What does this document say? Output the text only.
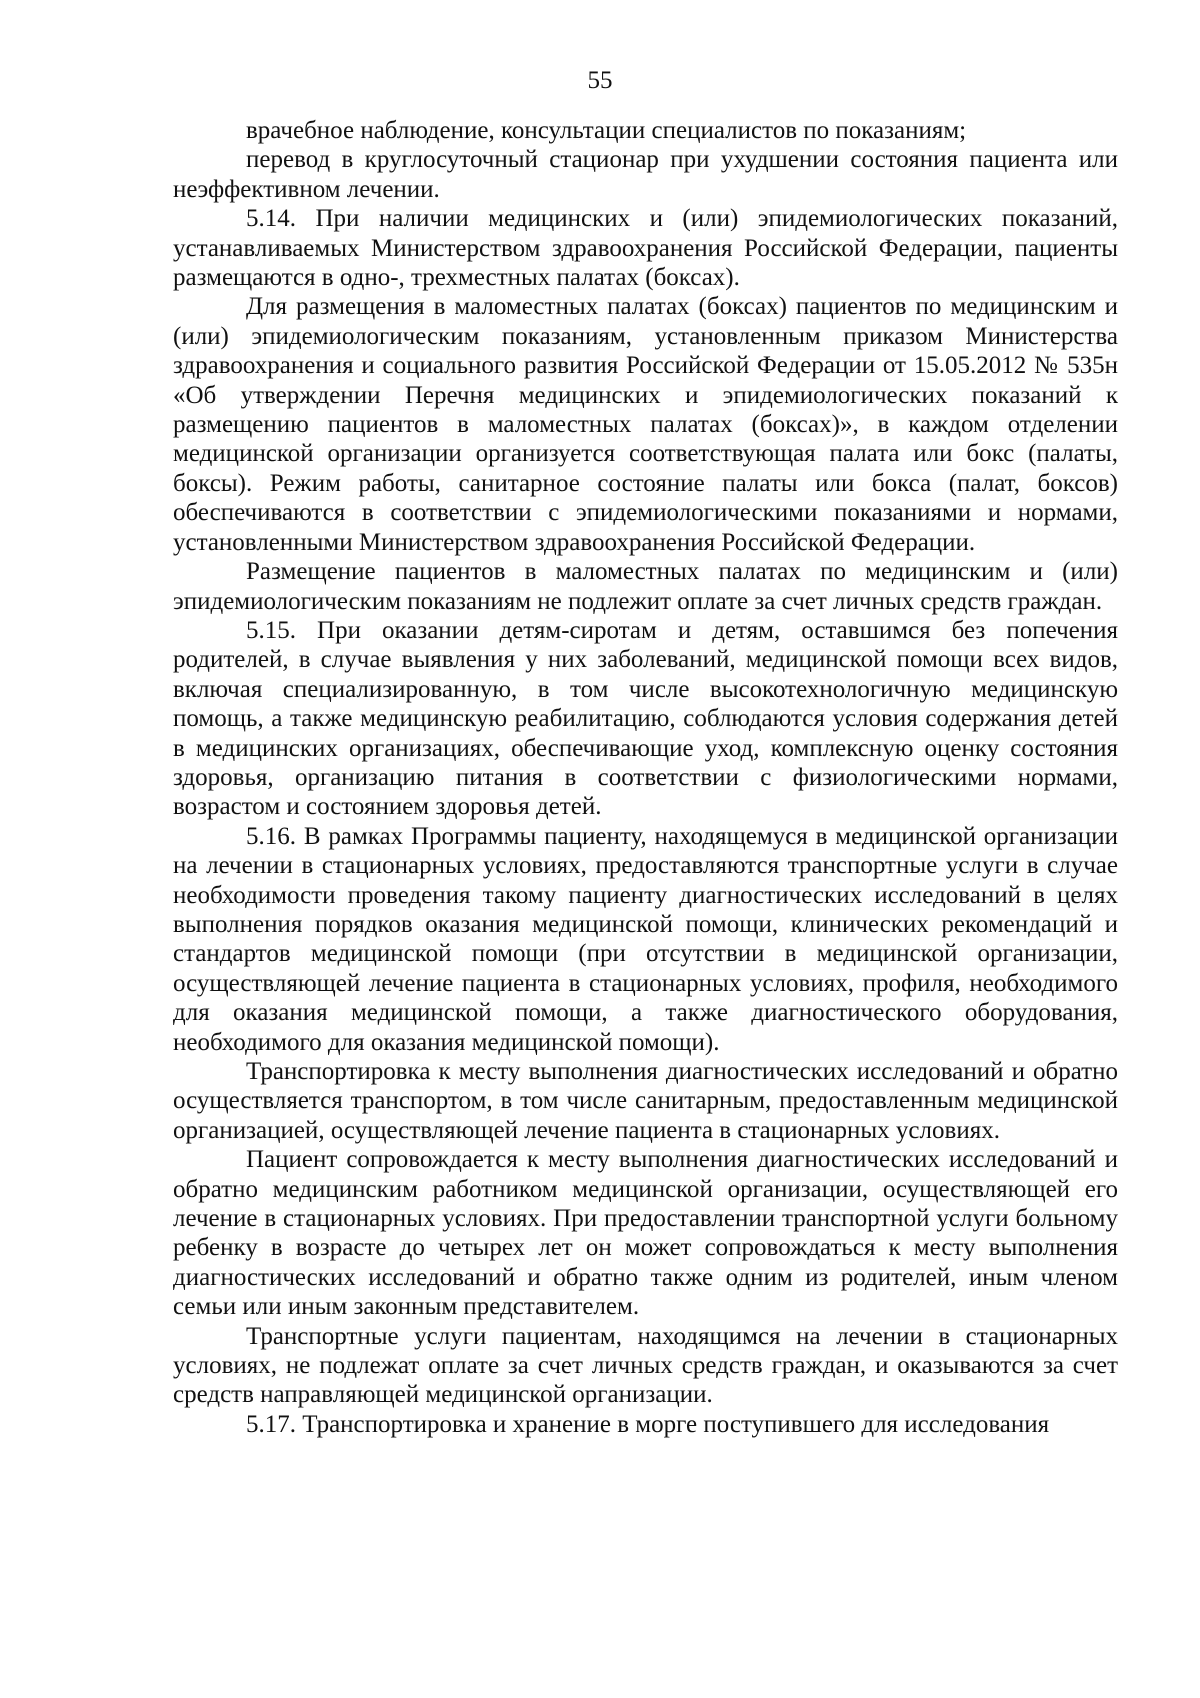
55

врачебное наблюдение, консультации специалистов по показаниям;

перевод в круглосуточный стационар при ухудшении состояния пациента или неэффективном лечении.

5.14. При наличии медицинских и (или) эпидемиологических показаний, устанавливаемых Министерством здравоохранения Российской Федерации, пациенты размещаются в одно-, трехместных палатах (боксах).

Для размещения в маломестных палатах (боксах) пациентов по медицинским и (или) эпидемиологическим показаниям, установленным приказом Министерства здравоохранения и социального развития Российской Федерации от 15.05.2012 № 535н «Об утверждении Перечня медицинских и эпидемиологических показаний к размещению пациентов в маломестных палатах (боксах)», в каждом отделении медицинской организации организуется соответствующая палата или бокс (палаты, боксы). Режим работы, санитарное состояние палаты или бокса (палат, боксов) обеспечиваются в соответствии с эпидемиологическими показаниями и нормами, установленными Министерством здравоохранения Российской Федерации.

Размещение пациентов в маломестных палатах по медицинским и (или) эпидемиологическим показаниям не подлежит оплате за счет личных средств граждан.

5.15. При оказании детям-сиротам и детям, оставшимся без попечения родителей, в случае выявления у них заболеваний, медицинской помощи всех видов, включая специализированную, в том числе высокотехнологичную медицинскую помощь, а также медицинскую реабилитацию, соблюдаются условия содержания детей в медицинских организациях, обеспечивающие уход, комплексную оценку состояния здоровья, организацию питания в соответствии с физиологическими нормами, возрастом и состоянием здоровья детей.

5.16. В рамках Программы пациенту, находящемуся в медицинской организации на лечении в стационарных условиях, предоставляются транспортные услуги в случае необходимости проведения такому пациенту диагностических исследований в целях выполнения порядков оказания медицинской помощи, клинических рекомендаций и стандартов медицинской помощи (при отсутствии в медицинской организации, осуществляющей лечение пациента в стационарных условиях, профиля, необходимого для оказания медицинской помощи, а также диагностического оборудования, необходимого для оказания медицинской помощи).

Транспортировка к месту выполнения диагностических исследований и обратно осуществляется транспортом, в том числе санитарным, предоставленным медицинской организацией, осуществляющей лечение пациента в стационарных условиях.

Пациент сопровождается к месту выполнения диагностических исследований и обратно медицинским работником медицинской организации, осуществляющей его лечение в стационарных условиях. При предоставлении транспортной услуги больному ребенку в возрасте до четырех лет он может сопровождаться к месту выполнения диагностических исследований и обратно также одним из родителей, иным членом семьи или иным законным представителем.

Транспортные услуги пациентам, находящимся на лечении в стационарных условиях, не подлежат оплате за счет личных средств граждан, и оказываются за счет средств направляющей медицинской организации.

5.17. Транспортировка и хранение в морге поступившего для исследования
